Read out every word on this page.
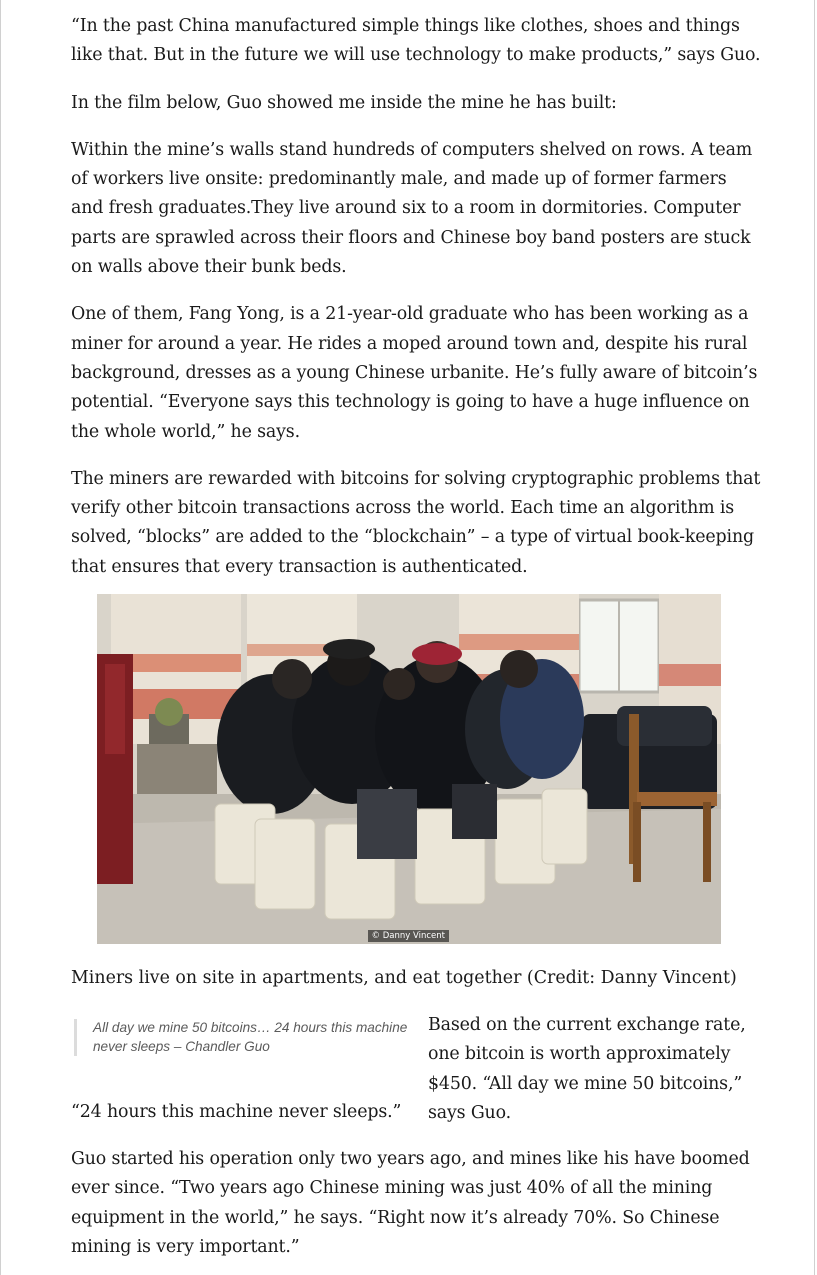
“In the past China manufactured simple things like clothes, shoes and things like that. But in the future we will use technology to make products,” says Guo.

In the film below, Guo showed me inside the mine he has built:

Within the mine’s walls stand hundreds of computers shelved on rows. A team of workers live onsite: predominantly male, and made up of former farmers and fresh graduates.They live around six to a room in dormitories. Computer parts are sprawled across their floors and Chinese boy band posters are stuck on walls above their bunk beds.

One of them, Fang Yong, is a 21-year-old graduate who has been working as a miner for around a year. He rides a moped around town and, despite his rural background, dresses as a young Chinese urbanite. He’s fully aware of bitcoin’s potential. “Everyone says this technology is going to have a huge influence on the whole world,” he says.

The miners are rewarded with bitcoins for solving cryptographic problems that verify other bitcoin transactions across the world. Each time an algorithm is solved, “blocks” are added to the “blockchain” – a type of virtual book-keeping that ensures that every transaction is authenticated.

© Danny Vincent

Miners live on site in apartments, and eat together (Credit: Danny Vincent)

All day we mine 50 bitcoins… 24 hours this machine never sleeps – Chandler Guo

Based on the current exchange rate, one bitcoin is worth approximately $450. “All day we mine 50 bitcoins,” says Guo.

“24 hours this machine never sleeps.”

Guo started his operation only two years ago, and mines like his have boomed ever since. “Two years ago Chinese mining was just 40% of all the mining equipment in the world,” he says. “Right now it’s already 70%. So Chinese mining is very important.”
